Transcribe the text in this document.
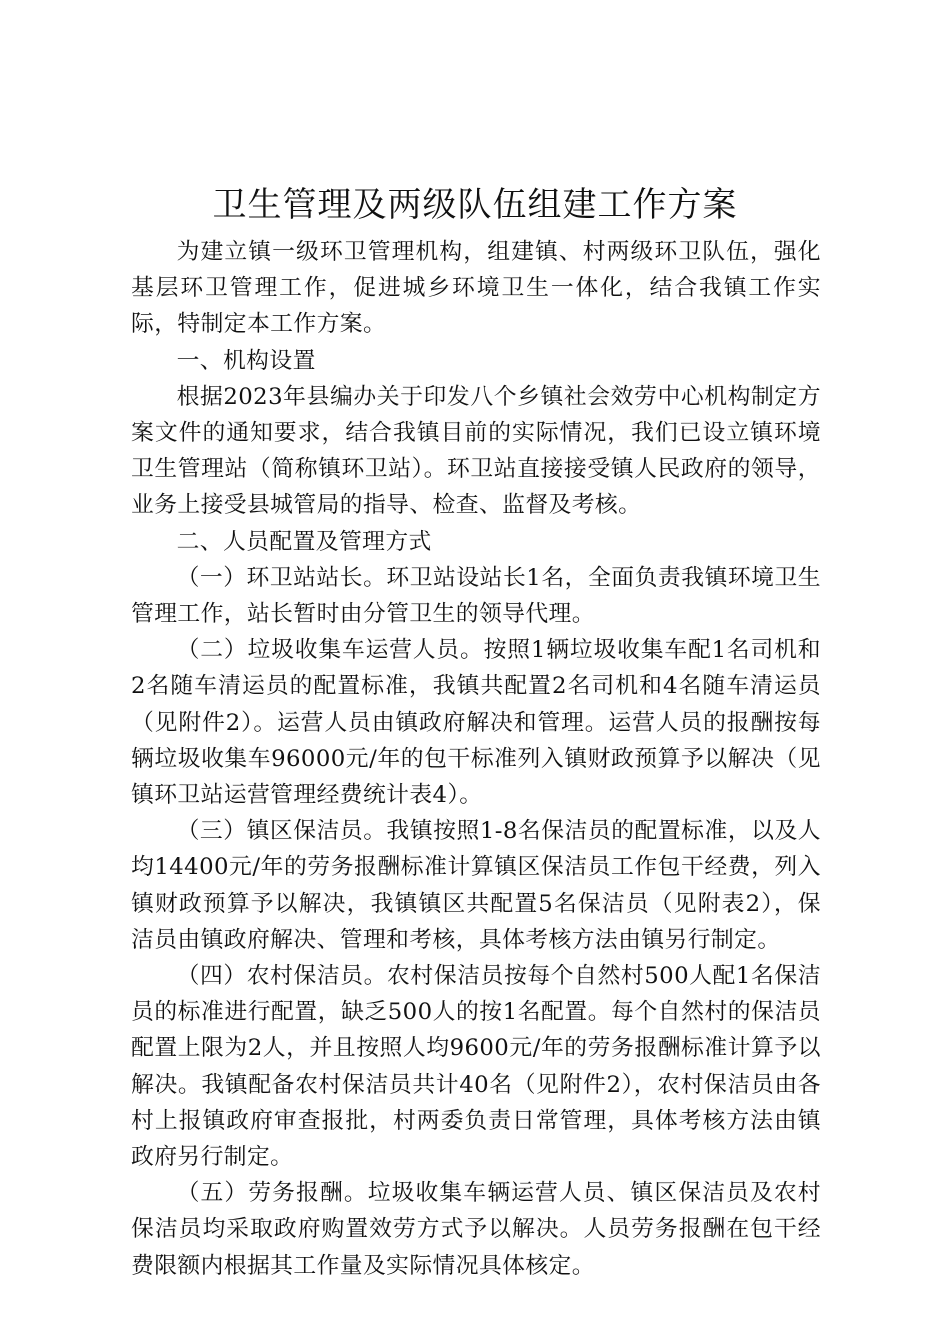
卫生管理及两级队伍组建工作方案

为建立镇一级环卫管理机构，组建镇、村两级环卫队伍，强化基层环卫管理工作，促进城乡环境卫生一体化，结合我镇工作实际，特制定本工作方案。

一、机构设置

根据2023年县编办关于印发八个乡镇社会效劳中心机构制定方案文件的通知要求，结合我镇目前的实际情况，我们已设立镇环境卫生管理站（简称镇环卫站）。环卫站直接接受镇人民政府的领导，业务上接受县城管局的指导、检查、监督及考核。

二、人员配置及管理方式

（一）环卫站站长。环卫站设站长1名，全面负责我镇环境卫生管理工作，站长暂时由分管卫生的领导代理。

（二）垃圾收集车运营人员。按照1辆垃圾收集车配1名司机和2名随车清运员的配置标准，我镇共配置2名司机和4名随车清运员（见附件2）。运营人员由镇政府解决和管理。运营人员的报酬按每辆垃圾收集车96000元/年的包干标准列入镇财政预算予以解决（见镇环卫站运营管理经费统计表4）。

（三）镇区保洁员。我镇按照1-8名保洁员的配置标准，以及人均14400元/年的劳务报酬标准计算镇区保洁员工作包干经费，列入镇财政预算予以解决，我镇镇区共配置5名保洁员（见附表2），保洁员由镇政府解决、管理和考核，具体考核方法由镇另行制定。

（四）农村保洁员。农村保洁员按每个自然村500人配1名保洁员的标准进行配置，缺乏500人的按1名配置。每个自然村的保洁员配置上限为2人，并且按照人均9600元/年的劳务报酬标准计算予以解决。我镇配备农村保洁员共计40名（见附件2），农村保洁员由各村上报镇政府审查报批，村两委负责日常管理，具体考核方法由镇政府另行制定。

（五）劳务报酬。垃圾收集车辆运营人员、镇区保洁员及农村保洁员均采取政府购置效劳方式予以解决。人员劳务报酬在包干经费限额内根据其工作量及实际情况具体核定。
